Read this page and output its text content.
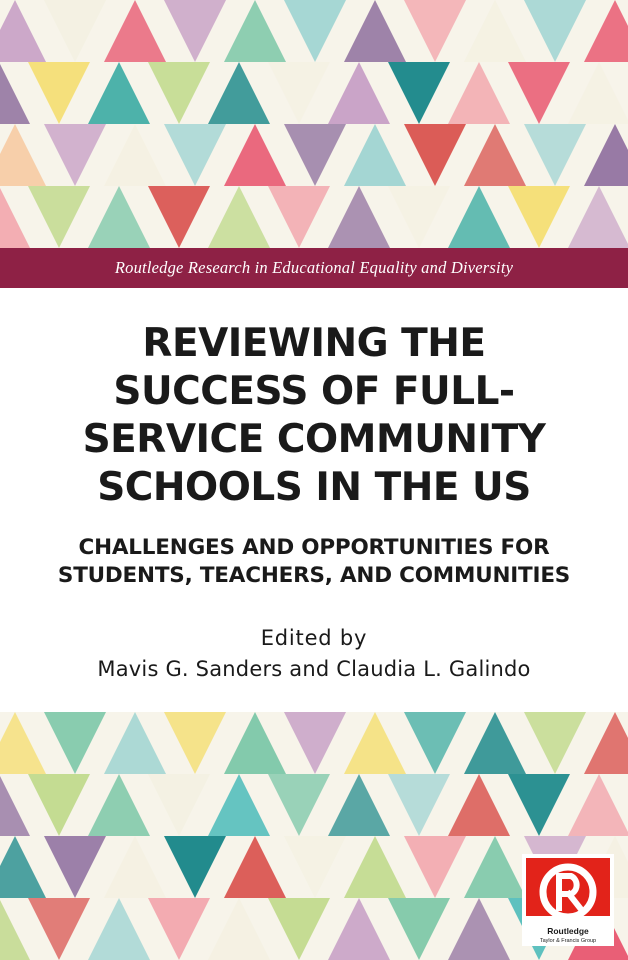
Routledge Research in Educational Equality and Diversity
REVIEWING THE SUCCESS OF FULL-SERVICE COMMUNITY SCHOOLS IN THE US
CHALLENGES AND OPPORTUNITIES FOR STUDENTS, TEACHERS, AND COMMUNITIES
Edited by
Mavis G. Sanders and Claudia L. Galindo
Routledge
Taylor & Francis Group
